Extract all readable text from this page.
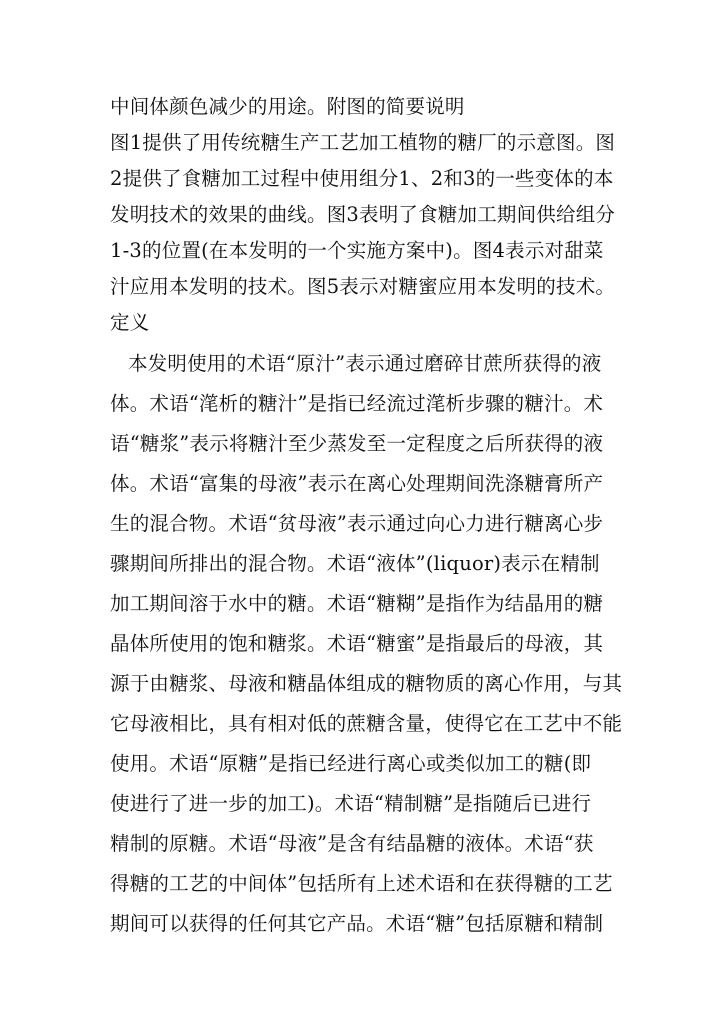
中间体颜色减少的用途。附图的简要说明
图1提供了用传统糖生产工艺加工植物的糖厂的示意图。图
2提供了食糖加工过程中使用组分1、2和3的一些变体的本
发明技术的效果的曲线。图3表明了食糖加工期间供给组分
1-3的位置(在本发明的一个实施方案中)。图4表示对甜菜
汁应用本发明的技术。图5表示对糖蜜应用本发明的技术。
定义
本发明使用的术语“原汁”表示通过磨碎甘蔗所获得的液
体。术语“滗析的糖汁”是指已经流过滗析步骤的糖汁。术
语“糖浆”表示将糖汁至少蒸发至一定程度之后所获得的液
体。术语“富集的母液”表示在离心处理期间洗涤糖膏所产
生的混合物。术语“贫母液”表示通过向心力进行糖离心步
骤期间所排出的混合物。术语“液体”(liquor)表示在精制
加工期间溶于水中的糖。术语“糖糊”是指作为结晶用的糖
晶体所使用的饱和糖浆。术语“糖蜜”是指最后的母液，其
源于由糖浆、母液和糖晶体组成的糖物质的离心作用，与其
它母液相比，具有相对低的蔗糖含量，使得它在工艺中不能
使用。术语“原糖”是指已经进行离心或类似加工的糖(即
使进行了进一步的加工)。术语“精制糖”是指随后已进行
精制的原糖。术语“母液”是含有结晶糖的液体。术语“获
得糖的工艺的中间体”包括所有上述术语和在获得糖的工艺
期间可以获得的任何其它产品。术语“糖”包括原糖和精制
